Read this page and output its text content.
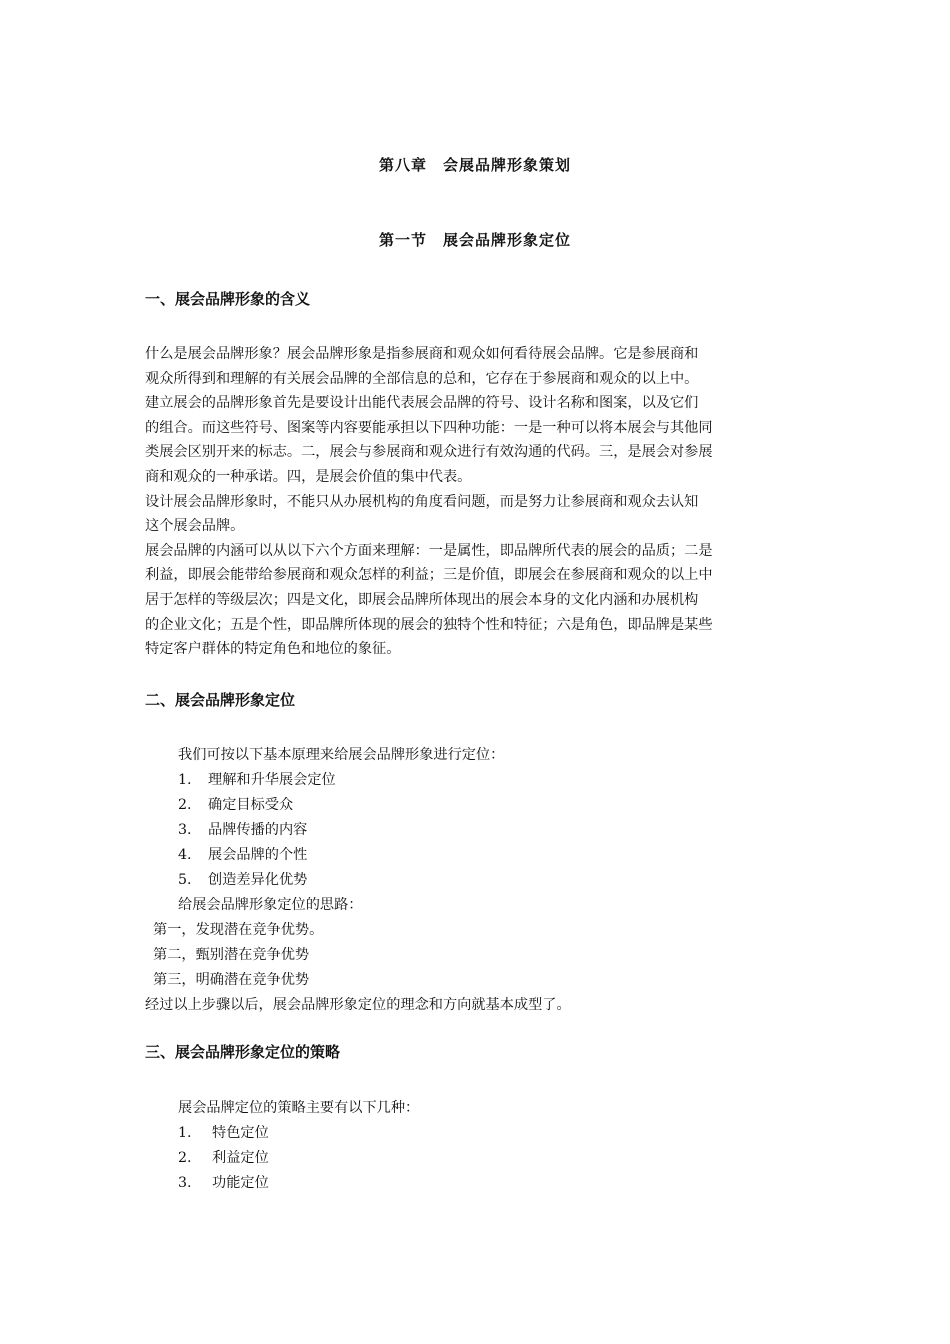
第八章　会展品牌形象策划
第一节　展会品牌形象定位
一、展会品牌形象的含义
什么是展会品牌形象？展会品牌形象是指参展商和观众如何看待展会品牌。它是参展商和
观众所得到和理解的有关展会品牌的全部信息的总和，它存在于参展商和观众的以上中。
建立展会的品牌形象首先是要设计出能代表展会品牌的符号、设计名称和图案，以及它们
的组合。而这些符号、图案等内容要能承担以下四种功能：一是一种可以将本展会与其他同
类展会区别开来的标志。二，展会与参展商和观众进行有效沟通的代码。三，是展会对参展
商和观众的一种承诺。四，是展会价值的集中代表。
设计展会品牌形象时，不能只从办展机构的角度看问题，而是努力让参展商和观众去认知
这个展会品牌。
展会品牌的内涵可以从以下六个方面来理解：一是属性，即品牌所代表的展会的品质；二是
利益，即展会能带给参展商和观众怎样的利益；三是价值，即展会在参展商和观众的以上中
居于怎样的等级层次；四是文化，即展会品牌所体现出的展会本身的文化内涵和办展机构
的企业文化；五是个性，即品牌所体现的展会的独特个性和特征；六是角色，即品牌是某些
特定客户群体的特定角色和地位的象征。
二、展会品牌形象定位
我们可按以下基本原理来给展会品牌形象进行定位：
1. 理解和升华展会定位
2. 确定目标受众
3. 品牌传播的内容
4. 展会品牌的个性
5. 创造差异化优势
给展会品牌形象定位的思路：
第一，发现潜在竞争优势。
第二，甄别潜在竞争优势
第三，明确潜在竞争优势
经过以上步骤以后，展会品牌形象定位的理念和方向就基本成型了。
三、展会品牌形象定位的策略
展会品牌定位的策略主要有以下几种：
1. 特色定位
2. 利益定位
3. 功能定位
